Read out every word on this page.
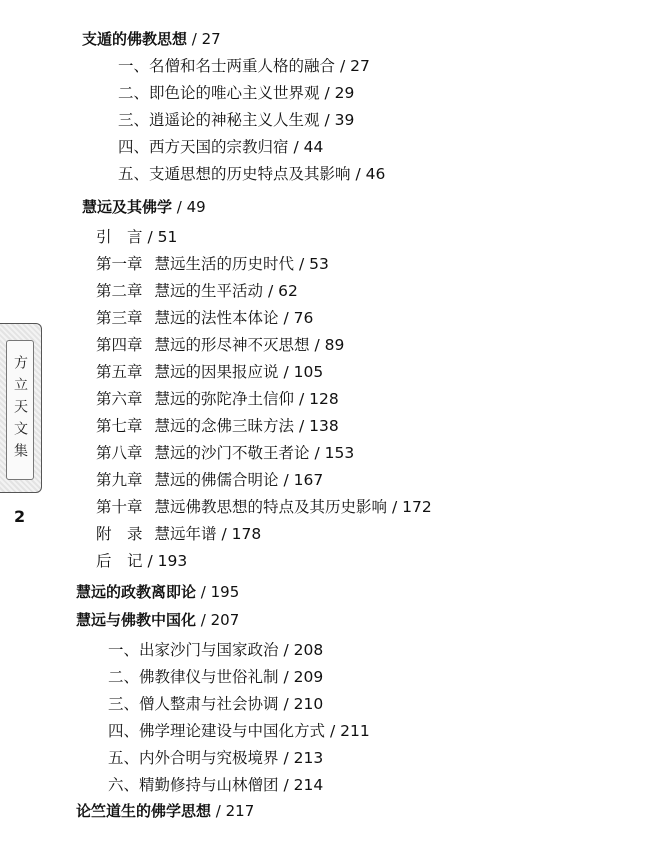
方立天文集
2
支遁的佛教思想 / 27
一、名僧和名士两重人格的融合 / 27
二、即色论的唯心主义世界观 / 29
三、逍遥论的神秘主义人生观 / 39
四、西方天国的宗教归宿 / 44
五、支遁思想的历史特点及其影响 / 46
慧远及其佛学 / 49
引　言 / 51
第一章 慧远生活的历史时代 / 53
第二章 慧远的生平活动 / 62
第三章 慧远的法性本体论 / 76
第四章 慧远的形尽神不灭思想 / 89
第五章 慧远的因果报应说 / 105
第六章 慧远的弥陀净土信仰 / 128
第七章 慧远的念佛三昧方法 / 138
第八章 慧远的沙门不敬王者论 / 153
第九章 慧远的佛儒合明论 / 167
第十章 慧远佛教思想的特点及其历史影响 / 172
附　录 慧远年谱 / 178
后　记 / 193
慧远的政教离即论 / 195
慧远与佛教中国化 / 207
一、出家沙门与国家政治 / 208
二、佛教律仪与世俗礼制 / 209
三、僧人整肃与社会协调 / 210
四、佛学理论建设与中国化方式 / 211
五、内外合明与究极境界 / 213
六、精勤修持与山林僧团 / 214
论竺道生的佛学思想 / 217
